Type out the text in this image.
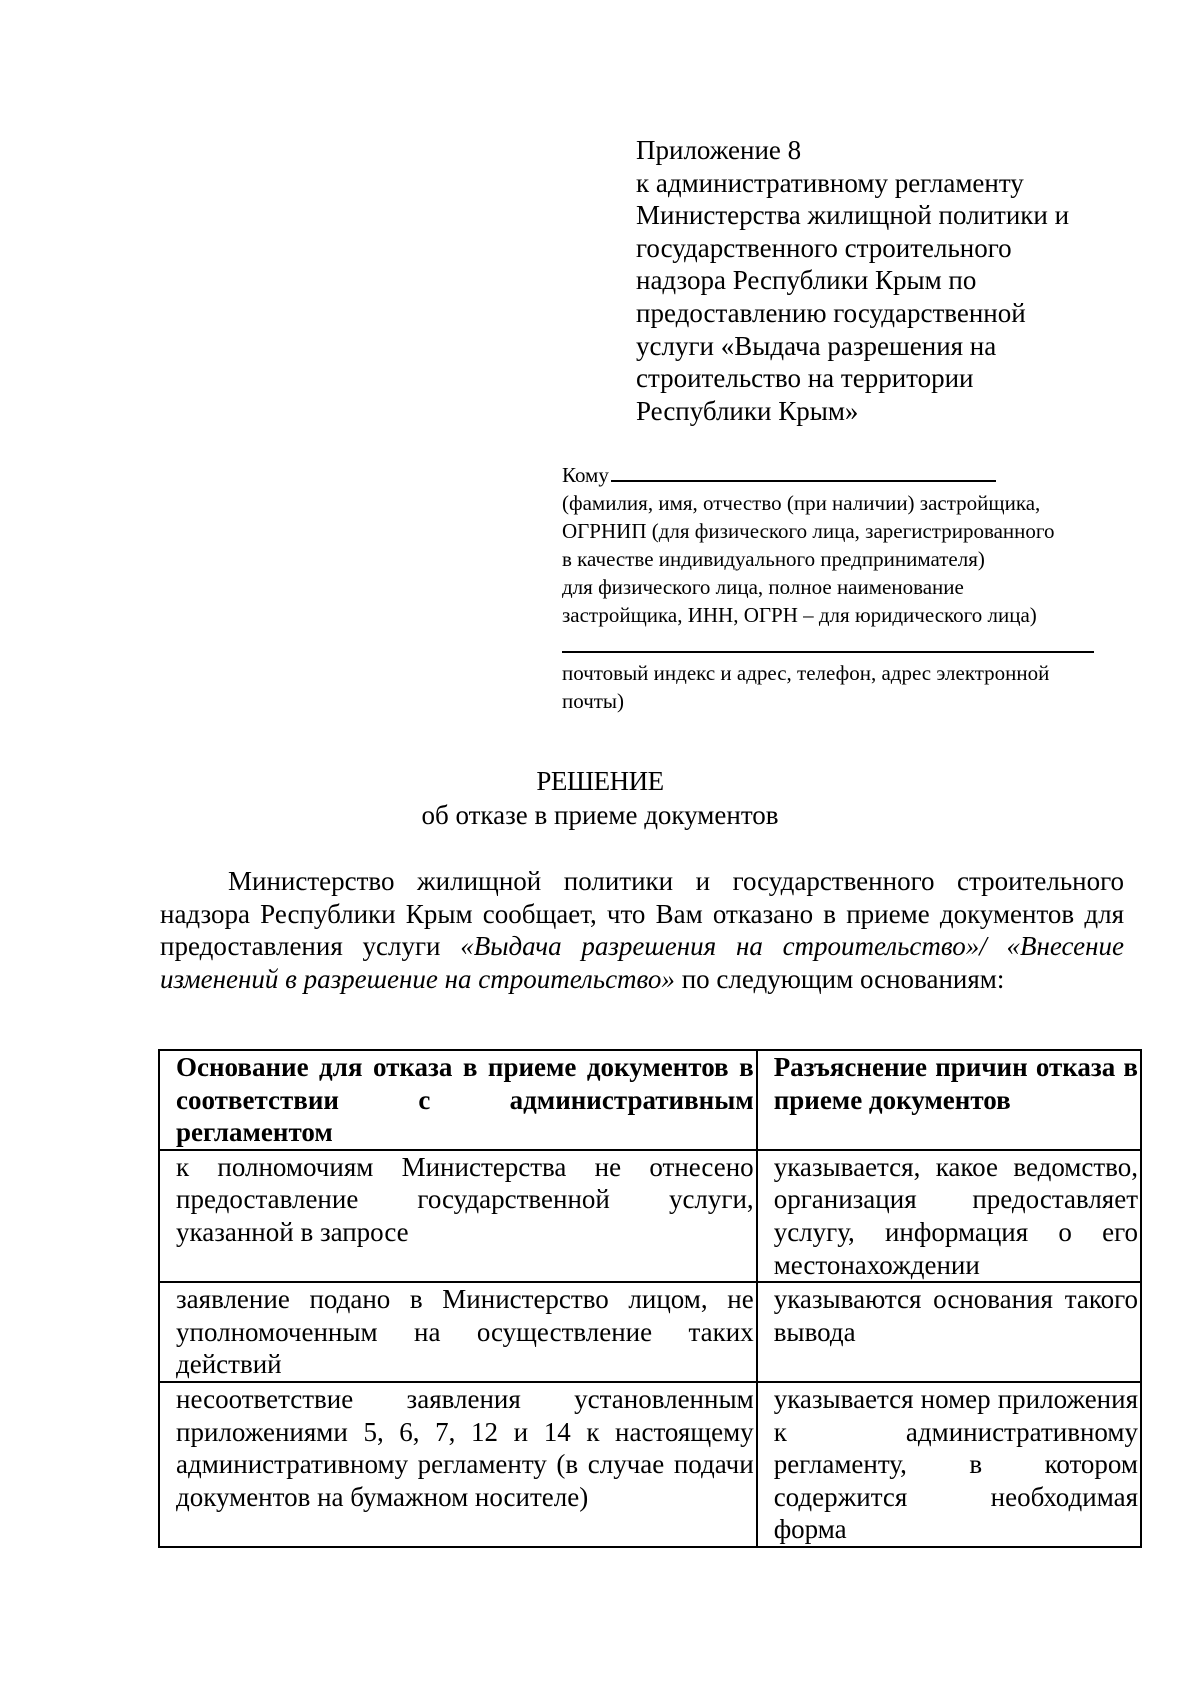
Приложение 8
к административному регламенту
Министерства жилищной политики и
государственного строительного
надзора Республики Крым по
предоставлению государственной
услуги «Выдача разрешения на
строительство на территории
Республики Крым»
Кому
(фамилия, имя, отчество (при наличии) застройщика,
ОГРНИП (для физического лица, зарегистрированного
в качестве индивидуального предпринимателя)
для физического лица, полное наименование
застройщика, ИНН, ОГРН – для юридического лица)
почтовый индекс и адрес, телефон, адрес электронной
почты)
РЕШЕНИЕ
об отказе в приеме документов

Министерство жилищной политики и государственного строительного надзора Республики Крым сообщает, что Вам отказано в приеме документов для предоставления услуги «Выдача разрешения на строительство»/ «Внесение изменений в разрешение на строительство» по следующим основаниям:

Основание для отказа в приеме документов в соответствии с административным регламентом	Разъяснение причин отказа в приеме документов
к полномочиям Министерства не отнесено предоставление государственной услуги, указанной в запросе	указывается, какое ведомство, организация предоставляет услугу, информация о его местонахождении
заявление подано в Министерство лицом, не уполномоченным на осуществление таких действий	указываются основания такого вывода
несоответствие заявления установленным приложениями 5, 6, 7, 12 и 14 к настоящему административному регламенту (в случае подачи документов на бумажном носителе)	указывается номер приложения к административному регламенту, в котором содержится необходимая форма
